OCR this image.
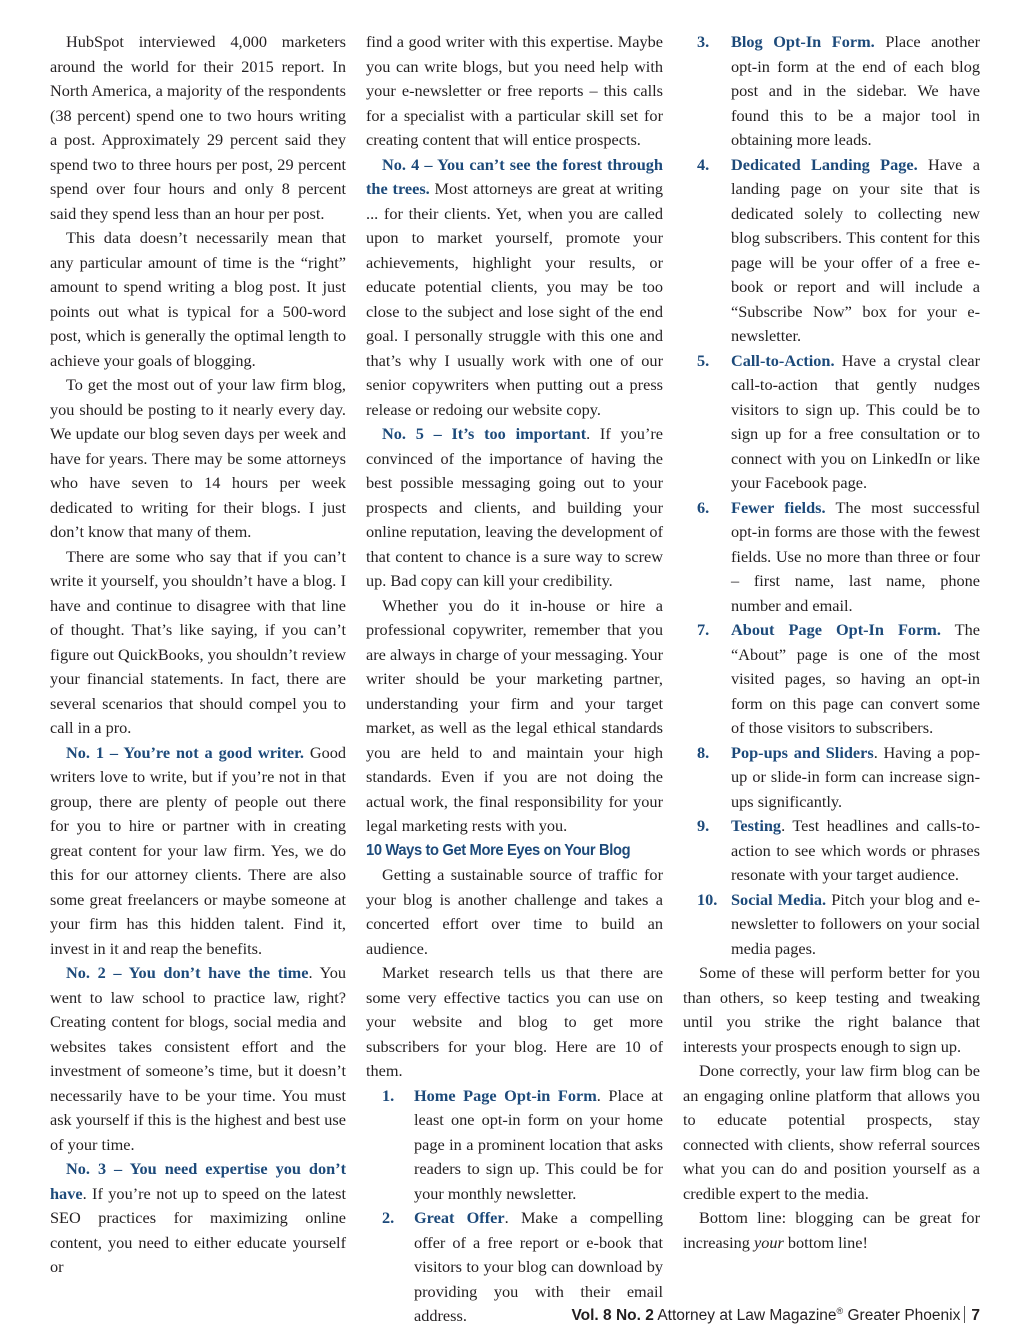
HubSpot interviewed 4,000 marketers around the world for their 2015 report. In North America, a majority of the respondents (38 percent) spend one to two hours writing a post. Approximately 29 percent said they spend two to three hours per post, 29 percent spend over four hours and only 8 percent said they spend less than an hour per post.

This data doesn’t necessarily mean that any particular amount of time is the “right” amount to spend writing a blog post. It just points out what is typical for a 500-word post, which is generally the optimal length to achieve your goals of blogging.

To get the most out of your law firm blog, you should be posting to it nearly every day. We update our blog seven days per week and have for years. There may be some attorneys who have seven to 14 hours per week dedicated to writing for their blogs. I just don’t know that many of them.

There are some who say that if you can’t write it yourself, you shouldn’t have a blog. I have and continue to disagree with that line of thought. That’s like saying, if you can’t figure out QuickBooks, you shouldn’t review your financial statements. In fact, there are several scenarios that should compel you to call in a pro.

No. 1 – You’re not a good writer. Good writers love to write, but if you’re not in that group, there are plenty of people out there for you to hire or partner with in creating great content for your law firm. Yes, we do this for our attorney clients. There are also some great freelancers or maybe someone at your firm has this hidden talent. Find it, invest in it and reap the benefits.

No. 2 – You don’t have the time. You went to law school to practice law, right? Creating content for blogs, social media and websites takes consistent effort and the investment of someone’s time, but it doesn’t necessarily have to be your time. You must ask yourself if this is the highest and best use of your time.

No. 3 – You need expertise you don’t have. If you’re not up to speed on the latest SEO practices for maximizing online content, you need to either educate yourself or

find a good writer with this expertise. Maybe you can write blogs, but you need help with your e-newsletter or free reports – this calls for a specialist with a particular skill set for creating content that will entice prospects.

No. 4 – You can’t see the forest through the trees. Most attorneys are great at writing ... for their clients. Yet, when you are called upon to market yourself, promote your achievements, highlight your results, or educate potential clients, you may be too close to the subject and lose sight of the end goal. I personally struggle with this one and that’s why I usually work with one of our senior copywriters when putting out a press release or redoing our website copy.

No. 5 – It’s too important. If you’re convinced of the importance of having the best possible messaging going out to your prospects and clients, and building your online reputation, leaving the development of that content to chance is a sure way to screw up. Bad copy can kill your credibility.

Whether you do it in-house or hire a professional copywriter, remember that you are always in charge of your messaging. Your writer should be your marketing partner, understanding your firm and your target market, as well as the legal ethical standards you are held to and maintain your high standards. Even if you are not doing the actual work, the final responsibility for your legal marketing rests with you.

10 Ways to Get More Eyes on Your Blog

Getting a sustainable source of traffic for your blog is another challenge and takes a concerted effort over time to build an audience.

Market research tells us that there are some very effective tactics you can use on your website and blog to get more subscribers for your blog. Here are 10 of them.

1. Home Page Opt-in Form. Place at least one opt-in form on your home page in a prominent location that asks readers to sign up. This could be for your monthly newsletter.
2. Great Offer. Make a compelling offer of a free report or e-book that visitors to your blog can download by providing you with their email address.
3. Blog Opt-In Form. Place another opt-in form at the end of each blog post and in the sidebar. We have found this to be a major tool in obtaining more leads.
4. Dedicated Landing Page. Have a landing page on your site that is dedicated solely to collecting new blog subscribers. This content for this page will be your offer of a free e-book or report and will include a “Subscribe Now” box for your e-newsletter.
5. Call-to-Action. Have a crystal clear call-to-action that gently nudges visitors to sign up. This could be to sign up for a free consultation or to connect with you on LinkedIn or like your Facebook page.
6. Fewer fields. The most successful opt-in forms are those with the fewest fields. Use no more than three or four – first name, last name, phone number and email.
7. About Page Opt-In Form. The “About” page is one of the most visited pages, so having an opt-in form on this page can convert some of those visitors to subscribers.
8. Pop-ups and Sliders. Having a pop-up or slide-in form can increase sign-ups significantly.
9. Testing. Test headlines and calls-to-action to see which words or phrases resonate with your target audience.
10. Social Media. Pitch your blog and e-newsletter to followers on your social media pages.

Some of these will perform better for you than others, so keep testing and tweaking until you strike the right balance that interests your prospects enough to sign up.

Done correctly, your law firm blog can be an engaging online platform that allows you to educate potential prospects, stay connected with clients, show referral sources what you can do and position yourself as a credible expert to the media.

Bottom line: blogging can be great for increasing your bottom line!

Vol. 8 No. 2 Attorney at Law Magazine® Greater Phoenix 7
